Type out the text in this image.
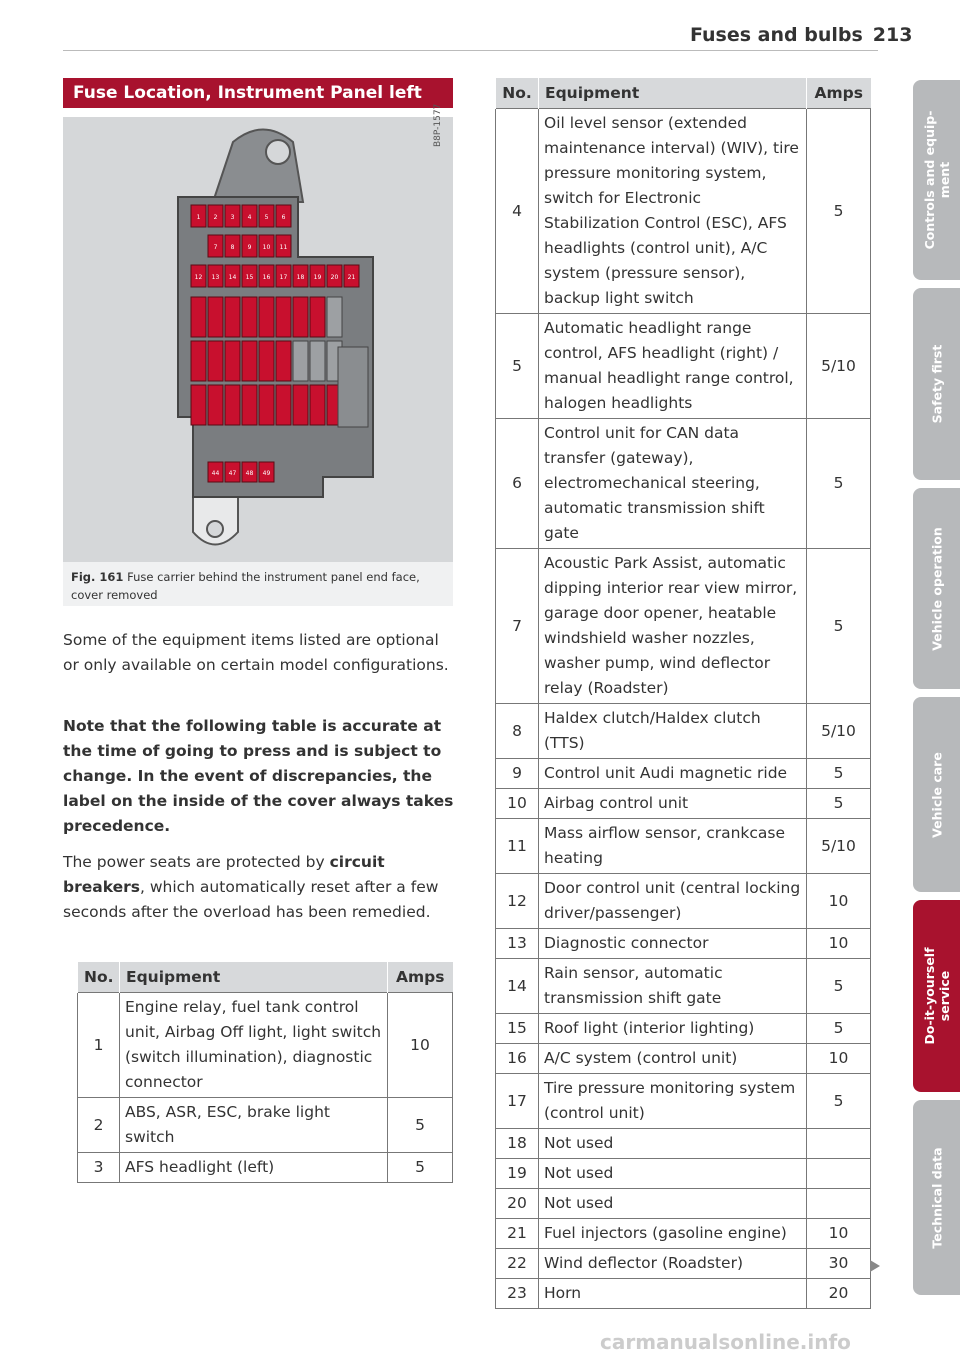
Fuses and bulbs 213
Fuse Location, Instrument Panel left
1 2 3 4 5 6
7 8 9 10 11
12 13 14 15 16 17 18 19 20 21
44 47 48 49
B8P-1577
Fig. 161 Fuse carrier behind the instrument panel end face, cover removed
Some of the equipment items listed are optional or only available on certain model configurations.
Note that the following table is accurate at the time of going to press and is subject to change. In the event of discrepancies, the label on the inside of the cover always takes precedence.
The power seats are protected by circuit breakers, which automatically reset after a few seconds after the overload has been remedied.
No.	Equipment	Amps
1	Engine relay, fuel tank control unit, Airbag Off light, light switch (switch illumination), diagnostic connector	10
2	ABS, ASR, ESC, brake light switch	5
3	AFS headlight (left)	5
No.	Equipment	Amps
4	Oil level sensor (extended maintenance interval) (WIV), tire pressure monitoring system, switch for Electronic Stabilization Control (ESC), AFS headlights (control unit), A/C system (pressure sensor), backup light switch	5
5	Automatic headlight range control, AFS headlight (right) / manual headlight range control, halogen headlights	5/10
6	Control unit for CAN data transfer (gateway), electromechanical steering, automatic transmission shift gate	5
7	Acoustic Park Assist, automatic dipping interior rear view mirror, garage door opener, heatable windshield washer nozzles, washer pump, wind deflector relay (Roadster)	5
8	Haldex clutch/Haldex clutch (TTS)	5/10
9	Control unit Audi magnetic ride	5
10	Airbag control unit	5
11	Mass airflow sensor, crankcase heating	5/10
12	Door control unit (central locking driver/passenger)	10
13	Diagnostic connector	10
14	Rain sensor, automatic transmission shift gate	5
15	Roof light (interior lighting)	5
16	A/C system (control unit)	10
17	Tire pressure monitoring system (control unit)	5
18	Not used	
19	Not used	
20	Not used	
21	Fuel injectors (gasoline engine)	10
22	Wind deflector (Roadster)	30
23	Horn	20
Controls and equip- ment
Safety first
Vehicle operation
Vehicle care
Do-it-yourself service
Technical data
carmanualsonline.info
